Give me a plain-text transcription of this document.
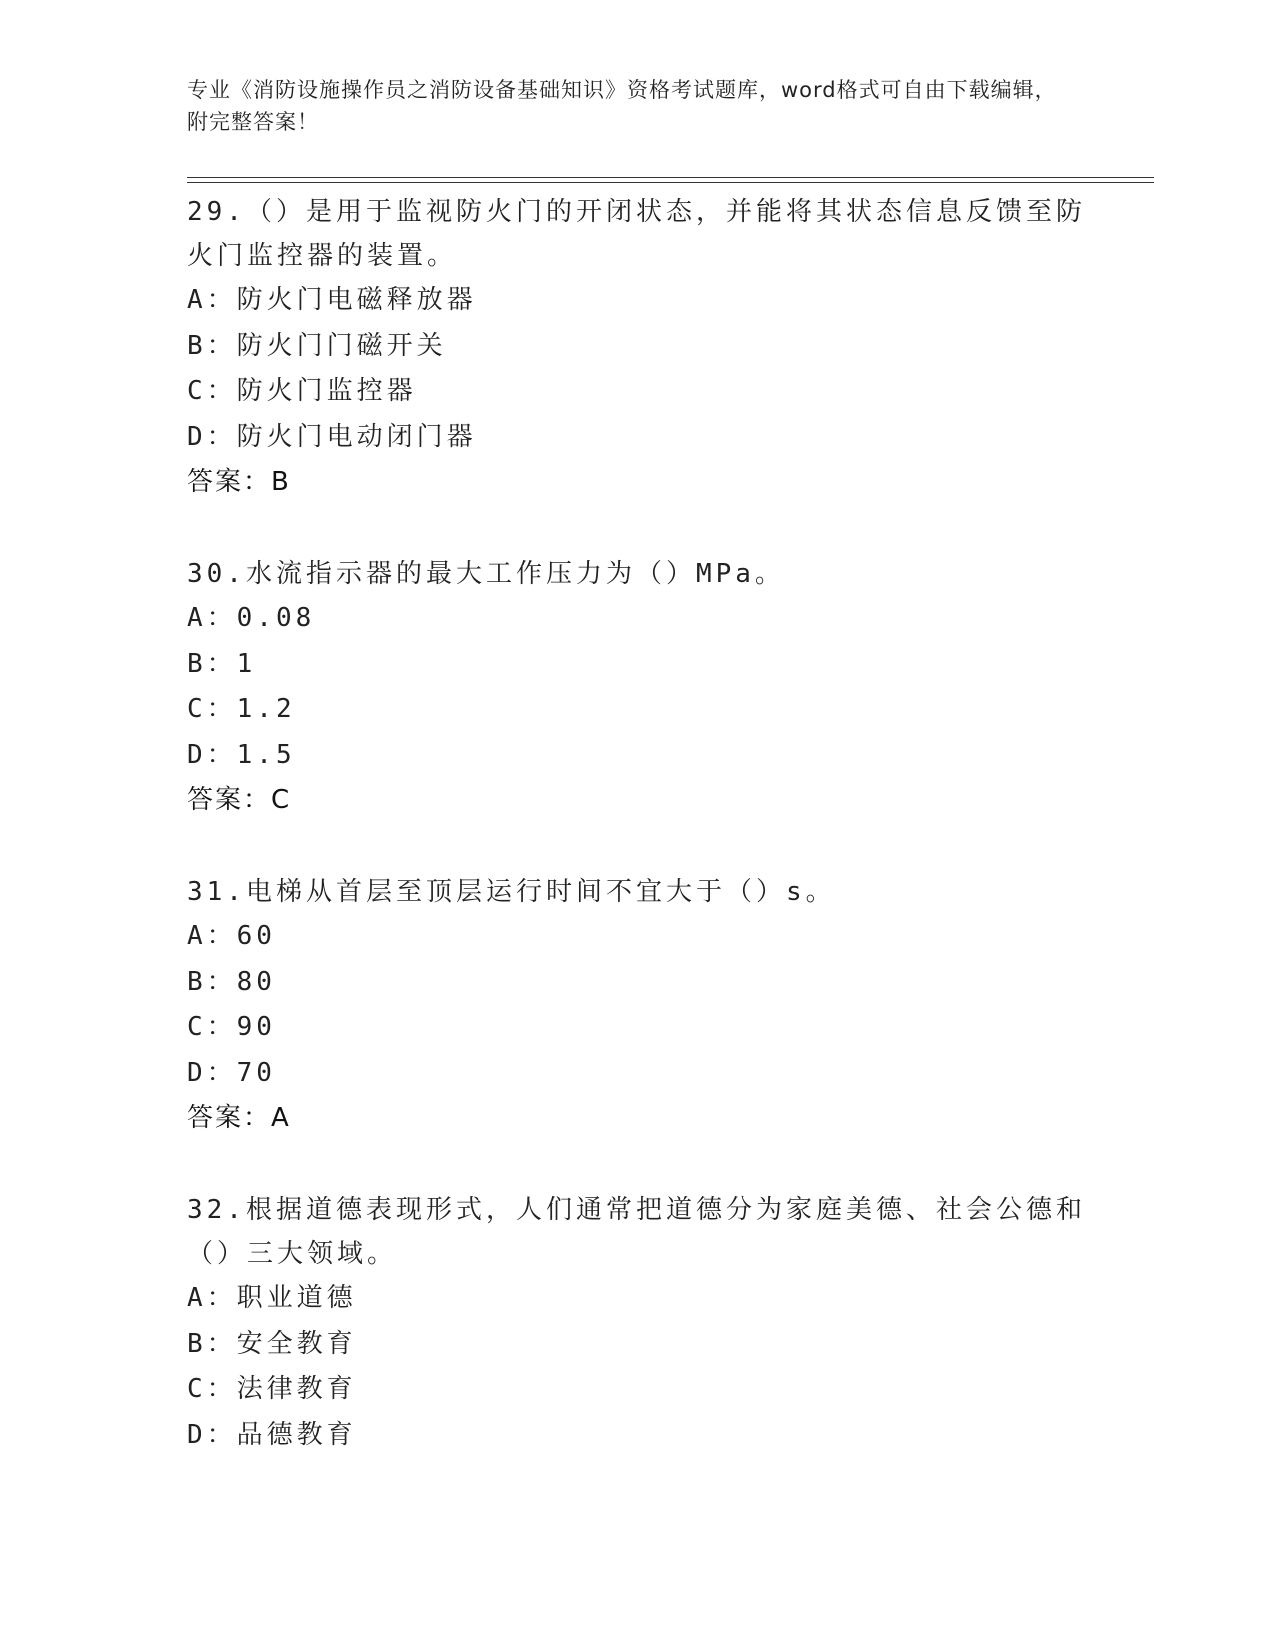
专业《消防设施操作员之消防设备基础知识》资格考试题库，word格式可自由下载编辑，附完整答案！

29.（）是用于监视防火门的开闭状态，并能将其状态信息反馈至防火门监控器的装置。

A：防火门电磁释放器

B：防火门门磁开关

C：防火门监控器

D：防火门电动闭门器

答案：B

30.水流指示器的最大工作压力为（）MPa。

A：0.08

B：1

C：1.2

D：1.5

答案：C

31.电梯从首层至顶层运行时间不宜大于（）s。

A：60

B：80

C：90

D：70

答案：A

32.根据道德表现形式，人们通常把道德分为家庭美德、社会公德和（）三大领域。

A：职业道德

B：安全教育

C：法律教育

D：品德教育
